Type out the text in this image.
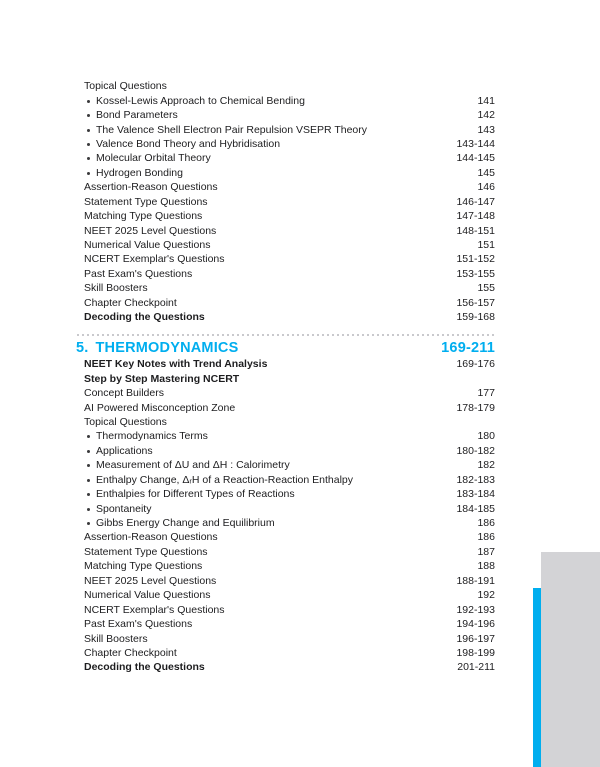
Topical Questions
Kossel-Lewis Approach to Chemical Bending	141
Bond Parameters	142
The Valence Shell Electron Pair Repulsion VSEPR Theory	143
Valence Bond Theory and Hybridisation	143-144
Molecular Orbital Theory	144-145
Hydrogen Bonding	145
Assertion-Reason Questions	146
Statement Type Questions	146-147
Matching Type Questions	147-148
NEET 2025 Level Questions	148-151
Numerical Value Questions	151
NCERT Exemplar's Questions	151-152
Past Exam's Questions	153-155
Skill Boosters	155
Chapter Checkpoint	156-157
Decoding the Questions	159-168
5. THERMODYNAMICS	169-211
NEET Key Notes with Trend Analysis	169-176
Step by Step Mastering NCERT
Concept Builders	177
AI Powered Misconception Zone	178-179
Topical Questions
Thermodynamics Terms	180
Applications	180-182
Measurement of ΔU and ΔH : Calorimetry	182
Enthalpy Change, ΔᵣH of a Reaction-Reaction Enthalpy	182-183
Enthalpies for Different Types of Reactions	183-184
Spontaneity	184-185
Gibbs Energy Change and Equilibrium	186
Assertion-Reason Questions	186
Statement Type Questions	187
Matching Type Questions	188
NEET 2025 Level Questions	188-191
Numerical Value Questions	192
NCERT Exemplar's Questions	192-193
Past Exam's Questions	194-196
Skill Boosters	196-197
Chapter Checkpoint	198-199
Decoding the Questions	201-211
